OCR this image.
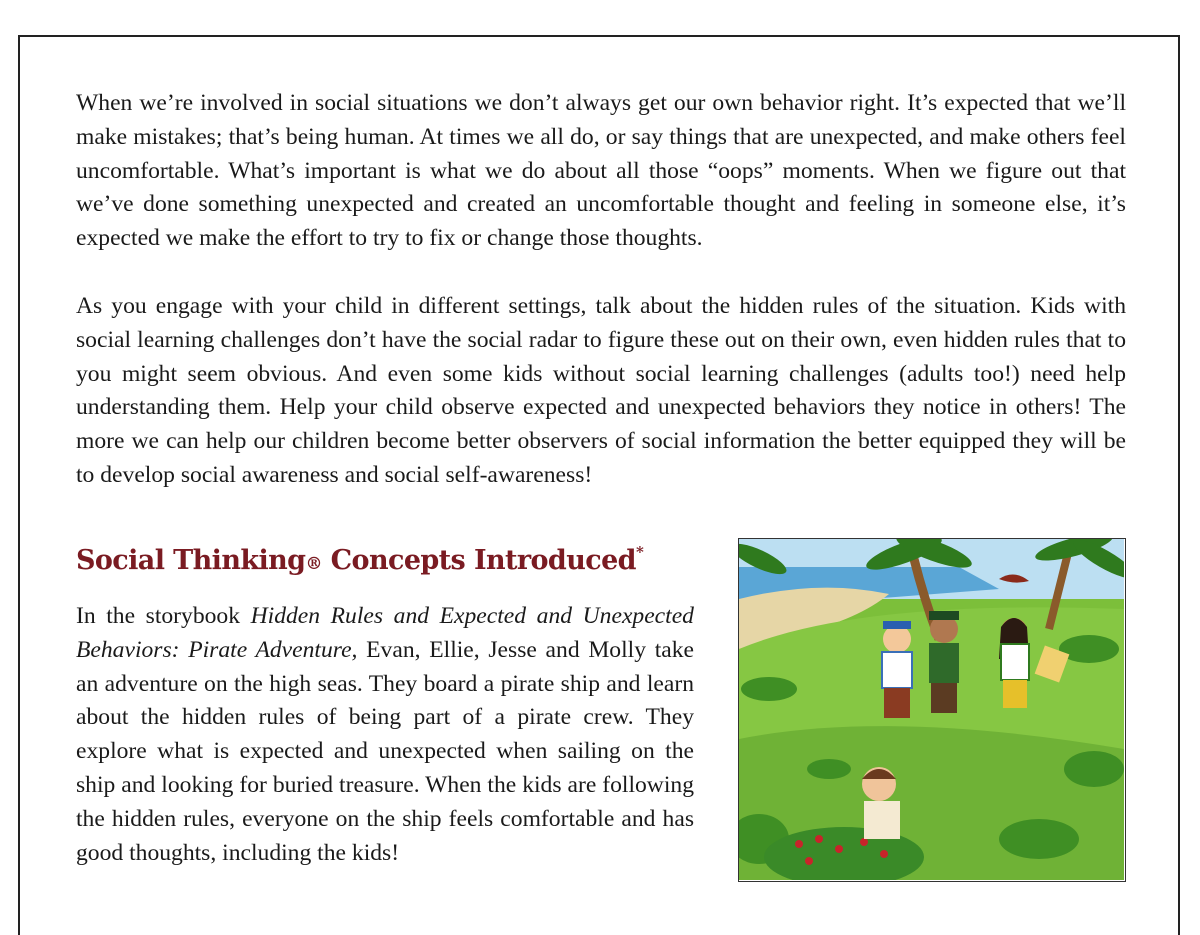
When we’re involved in social situations we don’t always get our own behavior right. It’s expected that we’ll make mistakes; that’s being human. At times we all do, or say things that are unexpected, and make others feel uncomfortable. What’s important is what we do about all those “oops” moments. When we figure out that we’ve done something unexpected and created an uncomfortable thought and feeling in someone else, it’s expected we make the effort to try to fix or change those thoughts.

As you engage with your child in different settings, talk about the hidden rules of the situation. Kids with social learning challenges don’t have the social radar to figure these out on their own, even hidden rules that to you might seem obvious. And even some kids without social learning challenges (adults too!) need help understanding them. Help your child observe expected and unexpected behaviors they notice in others! The more we can help our children become better observers of social information the better equipped they will be to develop social awareness and social self-awareness!

Social Thinking® Concepts Introduced*

In the storybook Hidden Rules and Expected and Unexpected Behaviors: Pirate Adventure, Evan, Ellie, Jesse and Molly take an adventure on the high seas. They board a pirate ship and learn about the hidden rules of being part of a pirate crew. They explore what is expected and unexpected when sailing on the ship and looking for buried treasure. When the kids are following the hidden rules, everyone on the ship feels comfortable and has good thoughts, including the kids!
